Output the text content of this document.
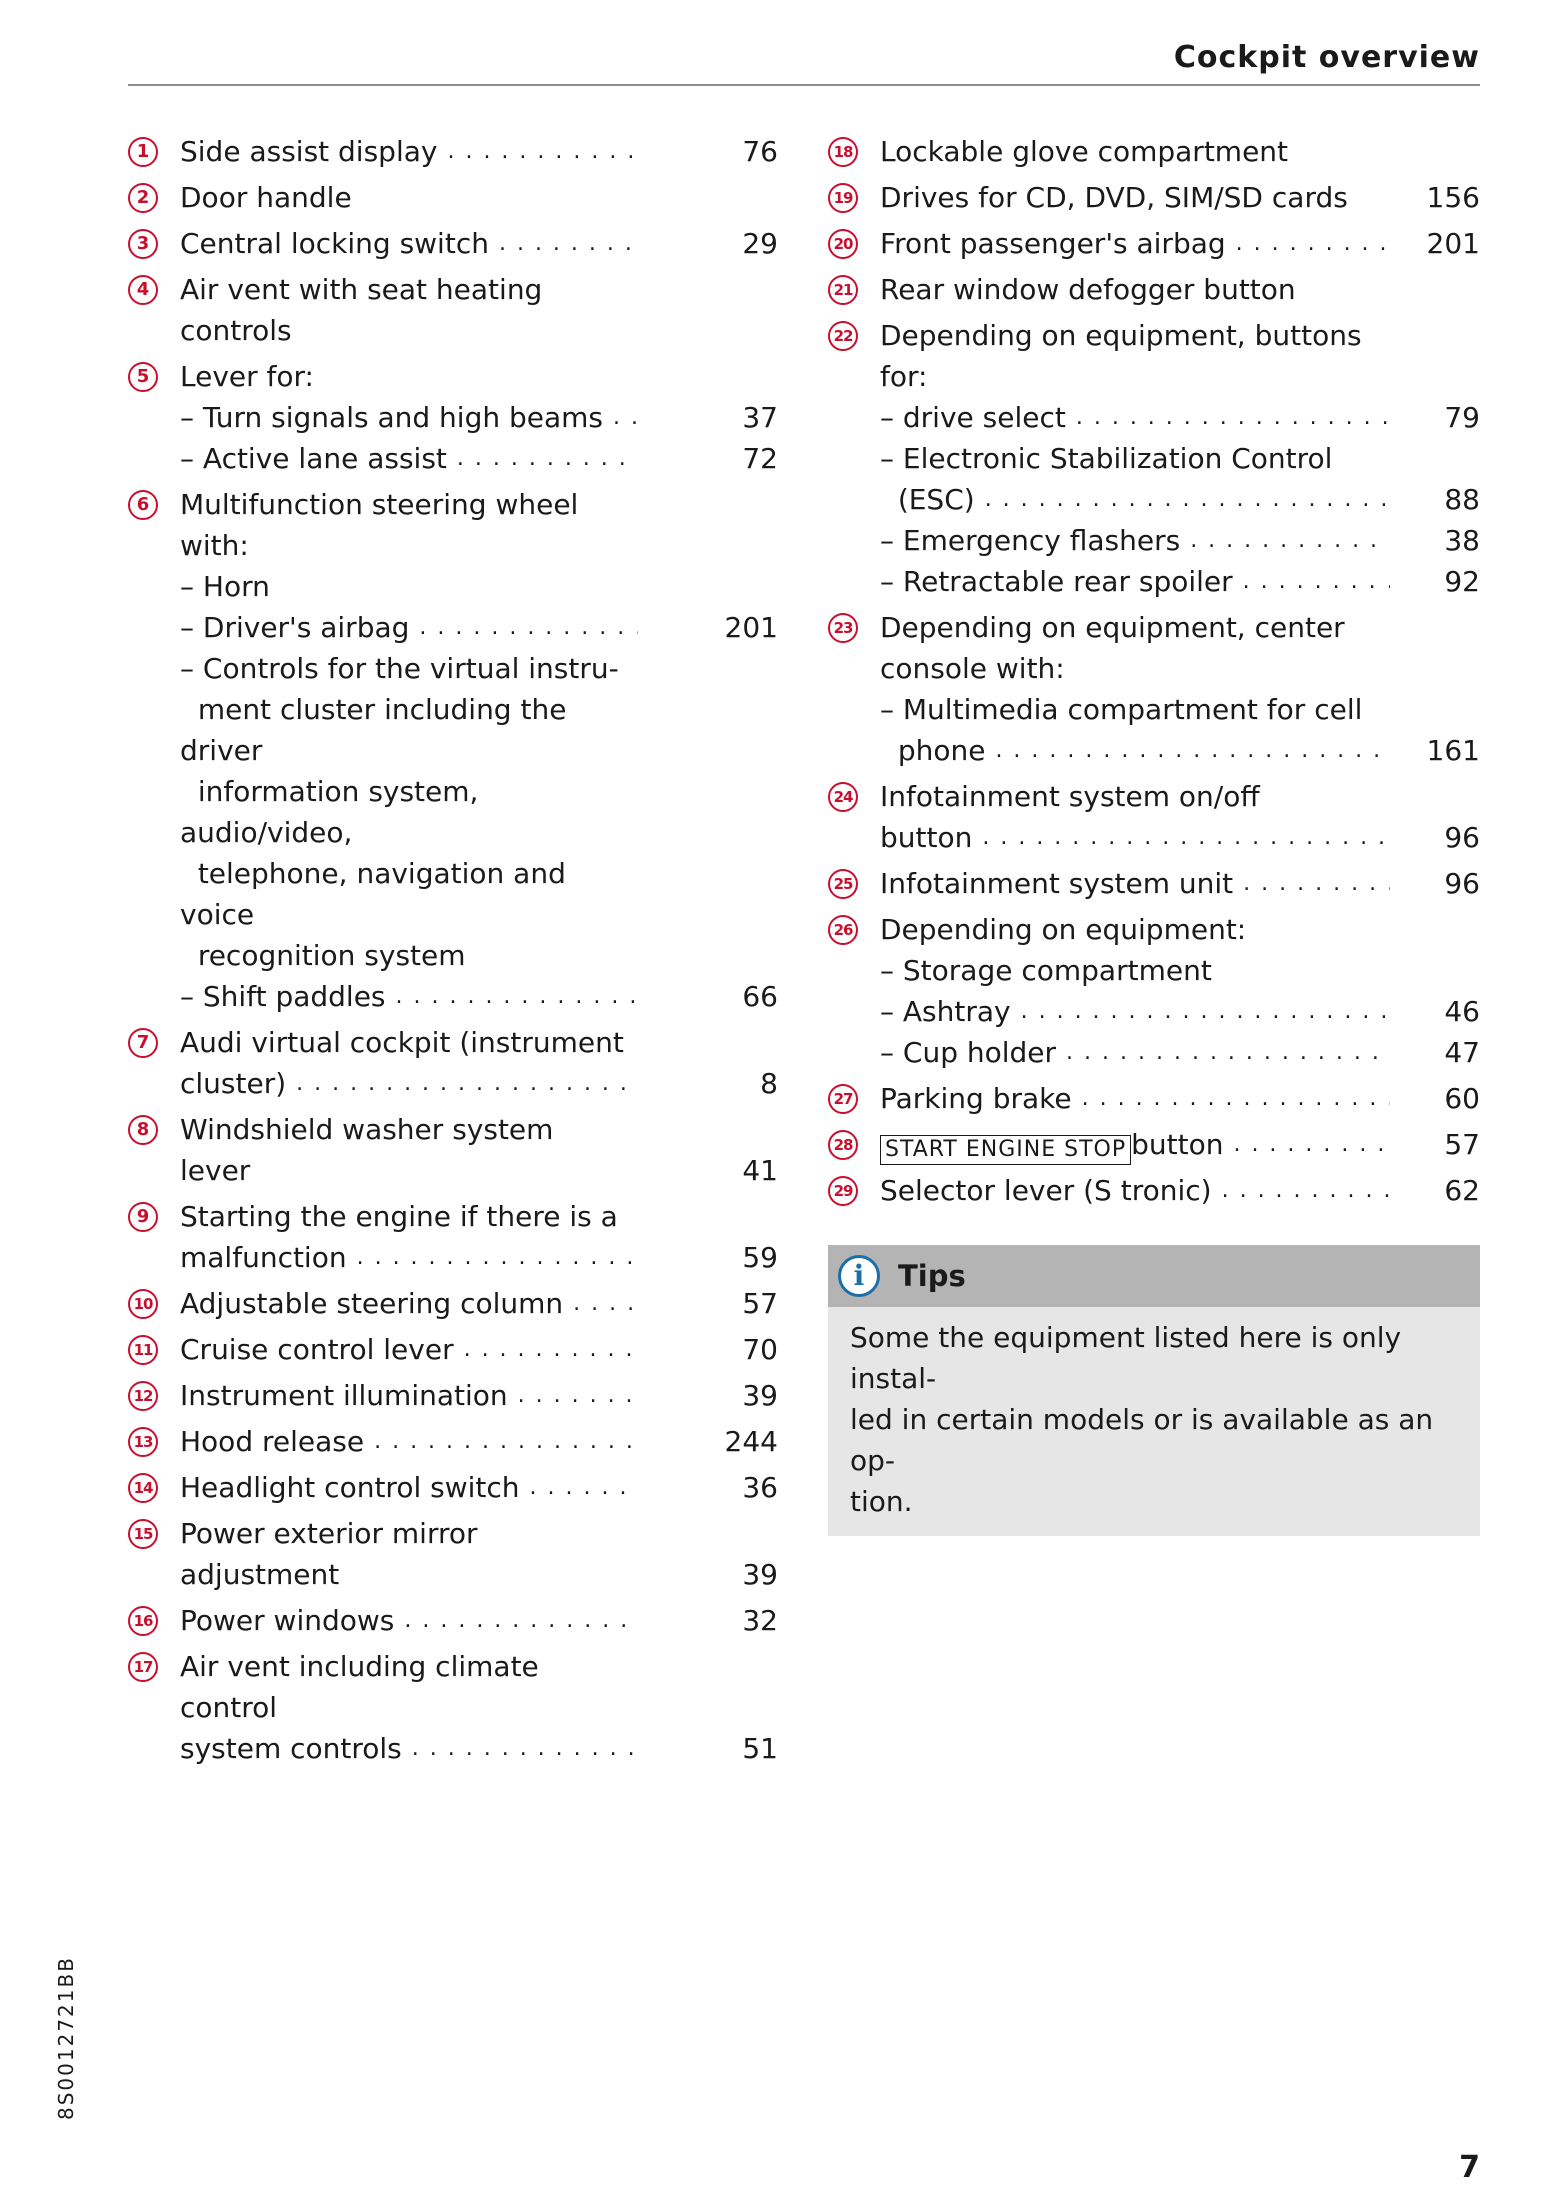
Cockpit overview
1	Side assist display . . .	76
2	Door handle
3	Central locking switch . . .	29
4	Air vent with seat heating controls
5	Lever for:
– Turn signals and high beams . . .	37
– Active lane assist . . .	72
6	Multifunction steering wheel with:
– Horn
– Driver's airbag . . .	201
– Controls for the virtual instru-
ment cluster including the driver
information system, audio/video,
telephone, navigation and voice
recognition system
– Shift paddles . . .	66
7	Audi virtual cockpit (instrument
cluster) . . .	8
8	Windshield washer system lever . . .	41
9	Starting the engine if there is a
malfunction . . .	59
10 Adjustable steering column . . .	57
11 Cruise control lever . . .	70
12 Instrument illumination . . .	39
13 Hood release . . .	244
14 Headlight control switch . . .	36
15 Power exterior mirror adjustment	39
16 Power windows . . .	32
17 Air vent including climate control
system controls . . .	51
18 Lockable glove compartment
19 Drives for CD, DVD, SIM/SD cards	156
20 Front passenger's airbag . . .	201
21 Rear window defogger button
22 Depending on equipment, buttons
for:
– drive select . . .	79
– Electronic Stabilization Control
(ESC) . . .	88
– Emergency flashers . . .	38
– Retractable rear spoiler . . .	92
23 Depending on equipment, center
console with:
– Multimedia compartment for cell
phone . . .	161
24 Infotainment system on/off
button . . .	96
25 Infotainment system unit . . .	96
26 Depending on equipment:
– Storage compartment
– Ashtray . . .	46
– Cup holder . . .	47
27 Parking brake . . .	60
28 START ENGINE STOP button . . .	57
29 Selector lever (S tronic) . . .	62
i	Tips
Some the equipment listed here is only instal-
led in certain models or is available as an op-
tion.
8S0012721BB
7
